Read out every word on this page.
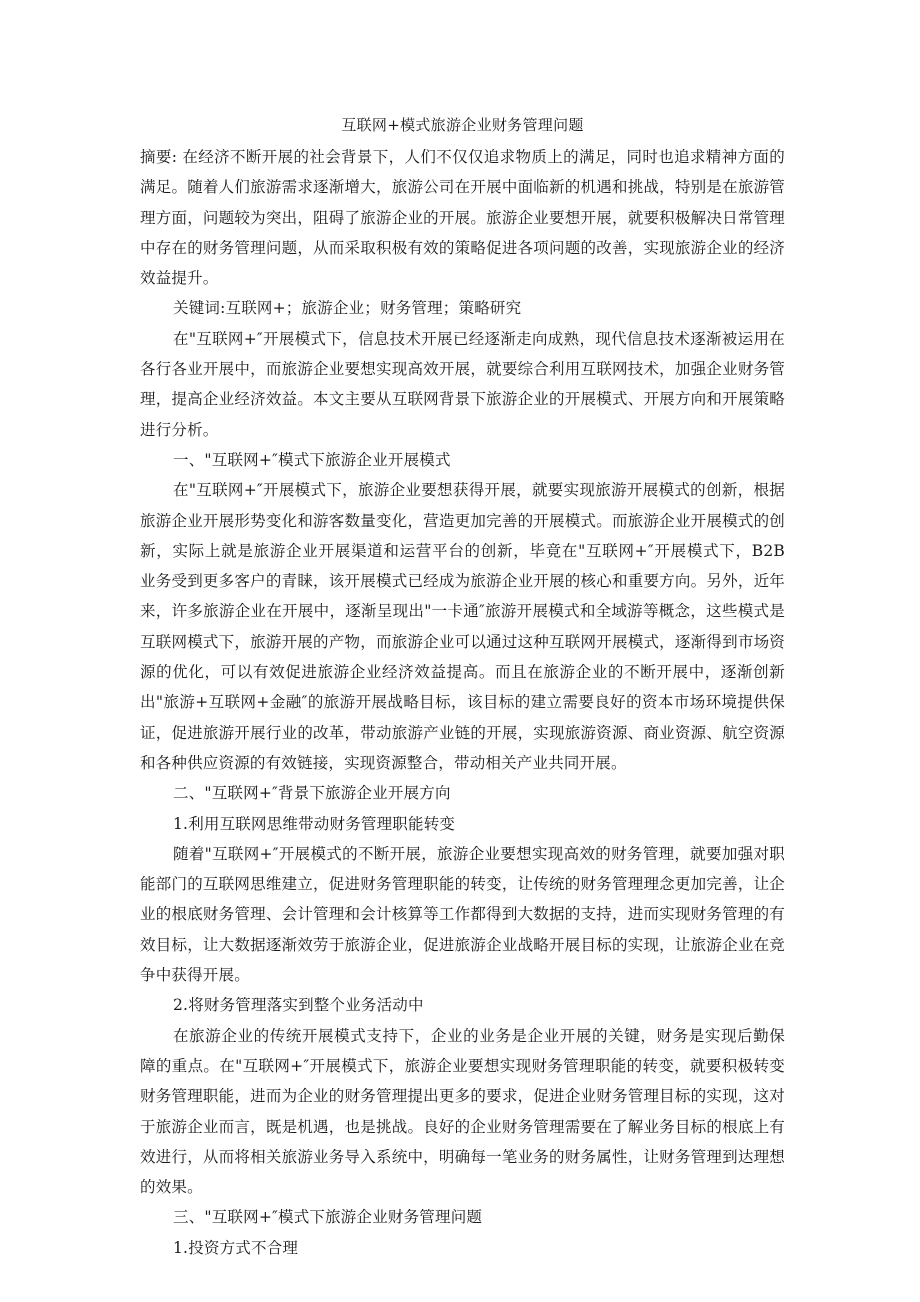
互联网+模式旅游企业财务管理问题

摘要: 在经济不断开展的社会背景下，人们不仅仅追求物质上的满足，同时也追求精神方面的满足。随着人们旅游需求逐渐增大，旅游公司在开展中面临新的机遇和挑战，特别是在旅游管理方面，问题较为突出，阻碍了旅游企业的开展。旅游企业要想开展，就要积极解决日常管理中存在的财务管理问题，从而采取积极有效的策略促进各项问题的改善，实现旅游企业的经济效益提升。

关键词:互联网+；旅游企业；财务管理；策略研究

在"互联网+″开展模式下，信息技术开展已经逐渐走向成熟，现代信息技术逐渐被运用在各行各业开展中，而旅游企业要想实现高效开展，就要综合利用互联网技术，加强企业财务管理，提高企业经济效益。本文主要从互联网背景下旅游企业的开展模式、开展方向和开展策略进行分析。

一、"互联网+″模式下旅游企业开展模式

在"互联网+″开展模式下，旅游企业要想获得开展，就要实现旅游开展模式的创新，根据旅游企业开展形势变化和游客数量变化，营造更加完善的开展模式。而旅游企业开展模式的创新，实际上就是旅游企业开展渠道和运营平台的创新，毕竟在"互联网+″开展模式下，B2B 业务受到更多客户的青睐，该开展模式已经成为旅游企业开展的核心和重要方向。另外，近年来，许多旅游企业在开展中，逐渐呈现出"一卡通″旅游开展模式和全域游等概念，这些模式是互联网模式下，旅游开展的产物，而旅游企业可以通过这种互联网开展模式，逐渐得到市场资源的优化，可以有效促进旅游企业经济效益提高。而且在旅游企业的不断开展中，逐渐创新出"旅游+互联网+金融″的旅游开展战略目标，该目标的建立需要良好的资本市场环境提供保证，促进旅游开展行业的改革，带动旅游产业链的开展，实现旅游资源、商业资源、航空资源和各种供应资源的有效链接，实现资源整合，带动相关产业共同开展。

二、"互联网+″背景下旅游企业开展方向

1.利用互联网思维带动财务管理职能转变

随着"互联网+″开展模式的不断开展，旅游企业要想实现高效的财务管理，就要加强对职能部门的互联网思维建立，促进财务管理职能的转变，让传统的财务管理理念更加完善，让企业的根底财务管理、会计管理和会计核算等工作都得到大数据的支持，进而实现财务管理的有效目标，让大数据逐渐效劳于旅游企业，促进旅游企业战略开展目标的实现，让旅游企业在竞争中获得开展。

2.将财务管理落实到整个业务活动中

在旅游企业的传统开展模式支持下，企业的业务是企业开展的关键，财务是实现后勤保障的重点。在"互联网+″开展模式下，旅游企业要想实现财务管理职能的转变，就要积极转变财务管理职能，进而为企业的财务管理提出更多的要求，促进企业财务管理目标的实现，这对于旅游企业而言，既是机遇，也是挑战。良好的企业财务管理需要在了解业务目标的根底上有效进行，从而将相关旅游业务导入系统中，明确每一笔业务的财务属性，让财务管理到达理想的效果。

三、"互联网+″模式下旅游企业财务管理问题

1.投资方式不合理
